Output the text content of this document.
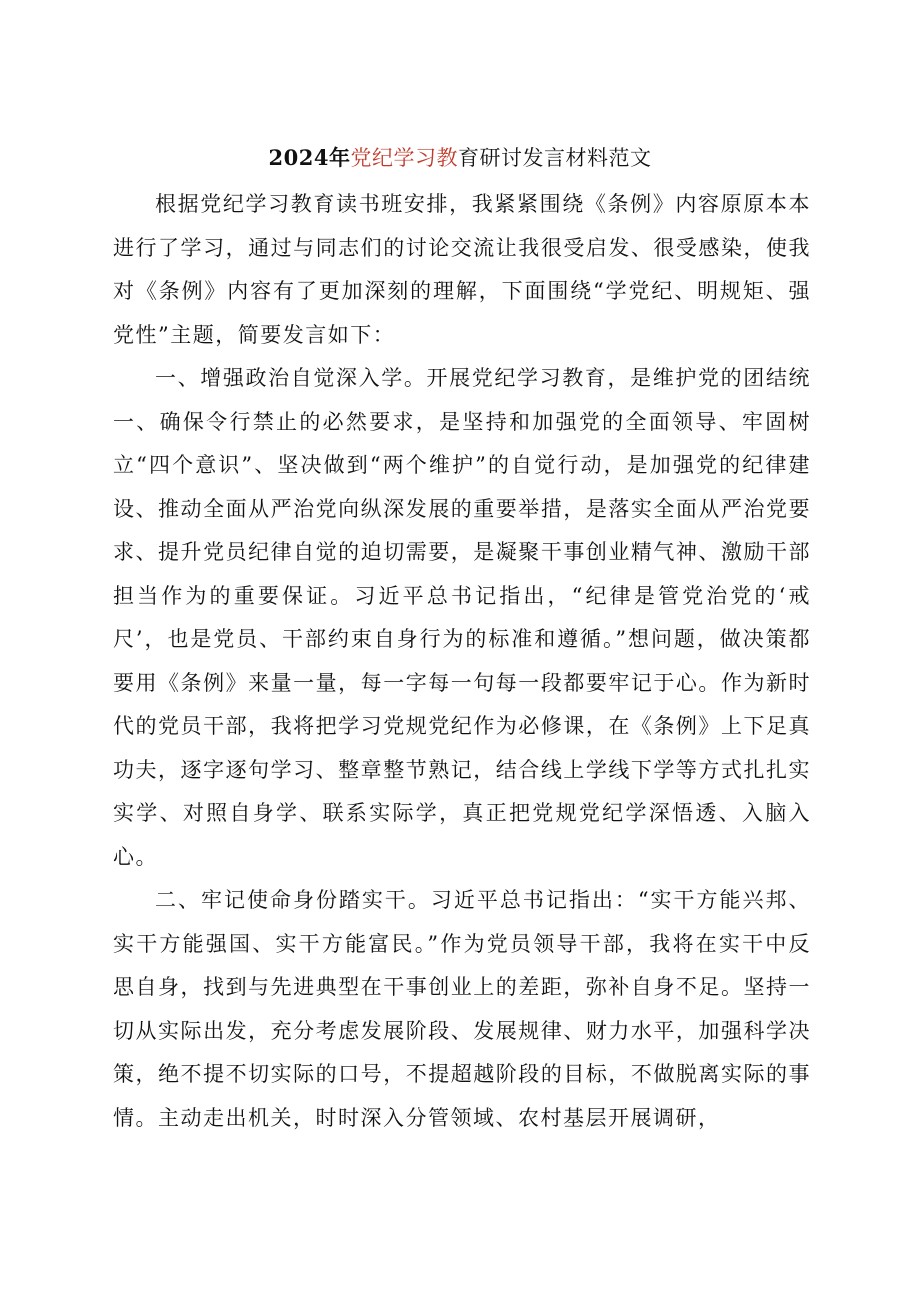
2024年党纪学习教育研讨发言材料范文

根据党纪学习教育读书班安排，我紧紧围绕《条例》内容原原本本进行了学习，通过与同志们的讨论交流让我很受启发、很受感染，使我对《条例》内容有了更加深刻的理解，下面围绕“学党纪、明规矩、强党性”主题，简要发言如下：

一、增强政治自觉深入学。开展党纪学习教育，是维护党的团结统一、确保令行禁止的必然要求，是坚持和加强党的全面领导、牢固树立“四个意识”、坚决做到“两个维护”的自觉行动，是加强党的纪律建设、推动全面从严治党向纵深发展的重要举措，是落实全面从严治党要求、提升党员纪律自觉的迫切需要，是凝聚干事创业精气神、激励干部担当作为的重要保证。习近平总书记指出，“纪律是管党治党的‘戒尺’，也是党员、干部约束自身行为的标准和遵循。”想问题，做决策都要用《条例》来量一量，每一字每一句每一段都要牢记于心。作为新时代的党员干部，我将把学习党规党纪作为必修课，在《条例》上下足真功夫，逐字逐句学习、整章整节熟记，结合线上学线下学等方式扎扎实实学、对照自身学、联系实际学，真正把党规党纪学深悟透、入脑入心。

二、牢记使命身份踏实干。习近平总书记指出：“实干方能兴邦、实干方能强国、实干方能富民。”作为党员领导干部，我将在实干中反思自身，找到与先进典型在干事创业上的差距，弥补自身不足。坚持一切从实际出发，充分考虑发展阶段、发展规律、财力水平，加强科学决策，绝不提不切实际的口号，不提超越阶段的目标，不做脱离实际的事情。主动走出机关，时时深入分管领域、农村基层开展调研，
